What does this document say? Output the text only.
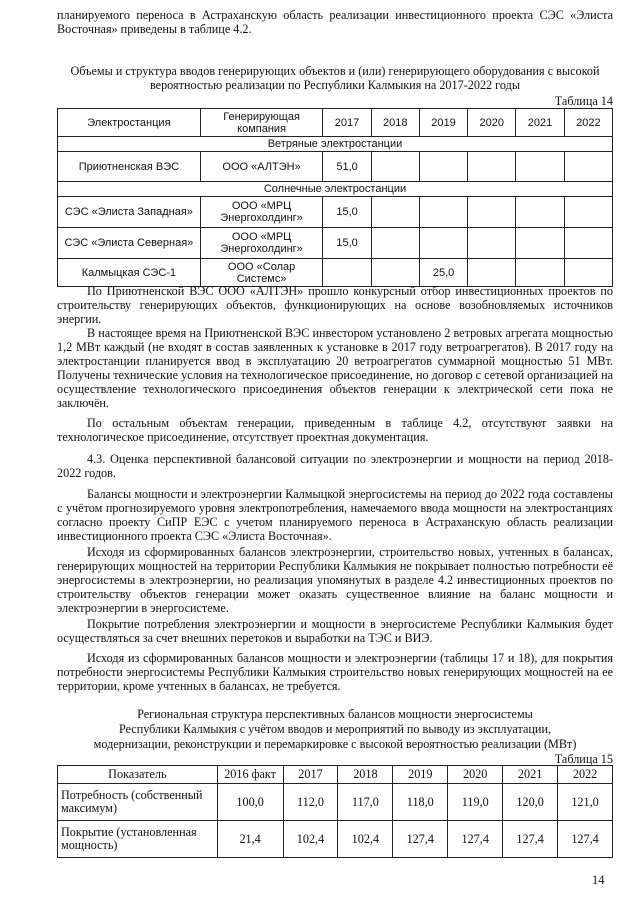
планируемого переноса в Астраханскую область реализации инвестиционного проекта СЭС «Элиста Восточная» приведены в таблице 4.2.

Объемы и структура вводов генерирующих объектов и (или) генерирующего оборудования с высокой вероятностью реализации по Республики Калмыкия на 2017-2022 годы

Таблица 14

Электростанция	Генерирующая компания	2017	2018	2019	2020	2021	2022
Ветряные электростанции							
Приютненская ВЭС	ООО «АЛТЭН»	51,0					
Солнечные электростанции							
СЭС «Элиста Западная»	ООО «МРЦ Энергохолдинг»	15,0					
СЭС «Элиста Северная»	ООО «МРЦ Энергохолдинг»	15,0					
Калмыцкая СЭС-1	ООО «Солар Системс»			25,0			

По Приютненской ВЭС ООО «АЛТЭН» прошло конкурсный отбор инвестиционных проектов по строительству генерирующих объектов, функционирующих на основе возобновляемых источников энергии.

В настоящее время на Приютненской ВЭС инвестором установлено 2 ветровых агрегата мощностью 1,2 МВт каждый (не входят в состав заявленных к установке в 2017 году ветроагрегатов). В 2017 году на электростанции планируется ввод в эксплуатацию 20 ветроагрегатов суммарной мощностью 51 МВт. Получены технические условия на технологическое присоединение, но договор с сетевой организацией на осуществление технологического присоединения объектов генерации к электрической сети пока не заключён.

По остальным объектам генерации, приведенным в таблице 4.2, отсутствуют заявки на технологическое присоединение, отсутствует проектная документация.

4.3. Оценка перспективной балансовой ситуации по электроэнергии и мощности на период 2018-2022 годов.

Балансы мощности и электроэнергии Калмыцкой энергосистемы на период до 2022 года составлены с учётом прогнозируемого уровня электропотребления, намечаемого ввода мощности на электростанциях согласно проекту СиПР ЕЭС с учетом планируемого переноса в Астраханскую область реализации инвестиционного проекта СЭС «Элиста Восточная».

Исходя из сформированных балансов электроэнергии, строительство новых, учтенных в балансах, генерирующих мощностей на территории Республики Калмыкия не покрывает полностью потребности её энергосистемы в электроэнергии, но реализация упомянутых в разделе 4.2 инвестиционных проектов по строительству объектов генерации может оказать существенное влияние на баланс мощности и электроэнергии в энергосистеме.

Покрытие потребления электроэнергии и мощности в энергосистеме Республики Калмыкия будет осуществляться за счет внешних перетоков и выработки на ТЭС и ВИЭ.

Исходя из сформированных балансов мощности и электроэнергии (таблицы 17 и 18), для покрытия потребности энергосистемы Республики Калмыкия строительство новых генерирующих мощностей на ее территории, кроме учтенных в балансах, не требуется.

Региональная структура перспективных балансов мощности энергосистемы

Республики Калмыкия с учётом вводов и мероприятий по выводу из эксплуатации,

модернизации, реконструкции и перемаркировке с высокой вероятностью реализации (МВт)

Таблица 15

Показатель	2016 факт	2017	2018	2019	2020	2021	2022
Потребность (собственный максимум)	100,0	112,0	117,0	118,0	119,0	120,0	121,0
Покрытие (установленная мощность)	21,4	102,4	102,4	127,4	127,4	127,4	127,4
14
